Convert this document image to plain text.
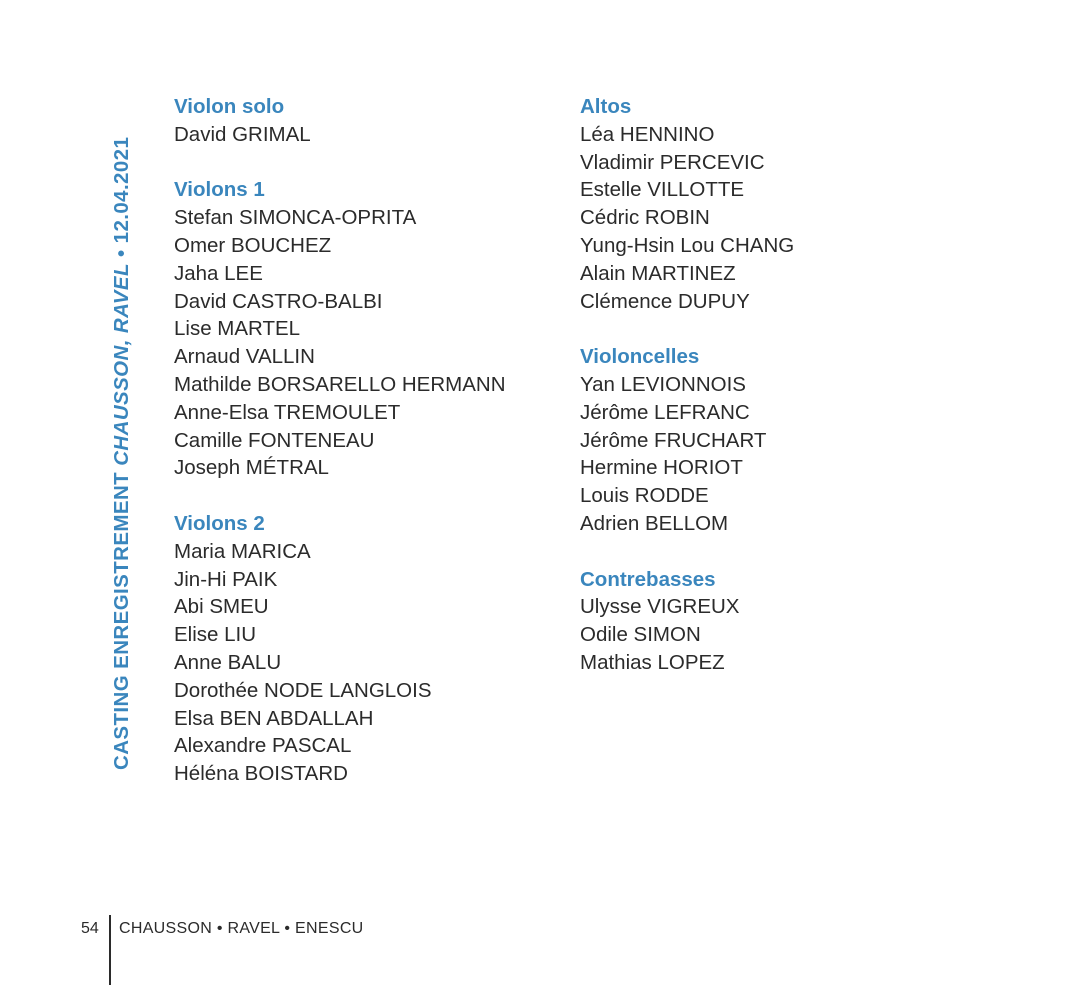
CASTING ENREGISTREMENT CHAUSSON, RAVEL • 12.04.2021
Violon solo
David GRIMAL
Violons 1
Stefan SIMONCA-OPRITA
Omer BOUCHEZ
Jaha LEE
David CASTRO-BALBI
Lise MARTEL
Arnaud VALLIN
Mathilde BORSARELLO HERMANN
Anne-Elsa TREMOULET
Camille FONTENEAU
Joseph MÉTRAL
Violons 2
Maria MARICA
Jin-Hi PAIK
Abi SMEU
Elise LIU
Anne BALU
Dorothée NODE LANGLOIS
Elsa BEN ABDALLAH
Alexandre PASCAL
Héléna BOISTARD
Altos
Léa HENNINO
Vladimir PERCEVIC
Estelle VILLOTTE
Cédric ROBIN
Yung-Hsin Lou CHANG
Alain MARTINEZ
Clémence DUPUY
Violoncelles
Yan LEVIONNOIS
Jérôme LEFRANC
Jérôme FRUCHART
Hermine HORIOT
Louis RODDE
Adrien BELLOM
Contrebasses
Ulysse VIGREUX
Odile SIMON
Mathias LOPEZ
54 CHAUSSON • RAVEL • ENESCU
